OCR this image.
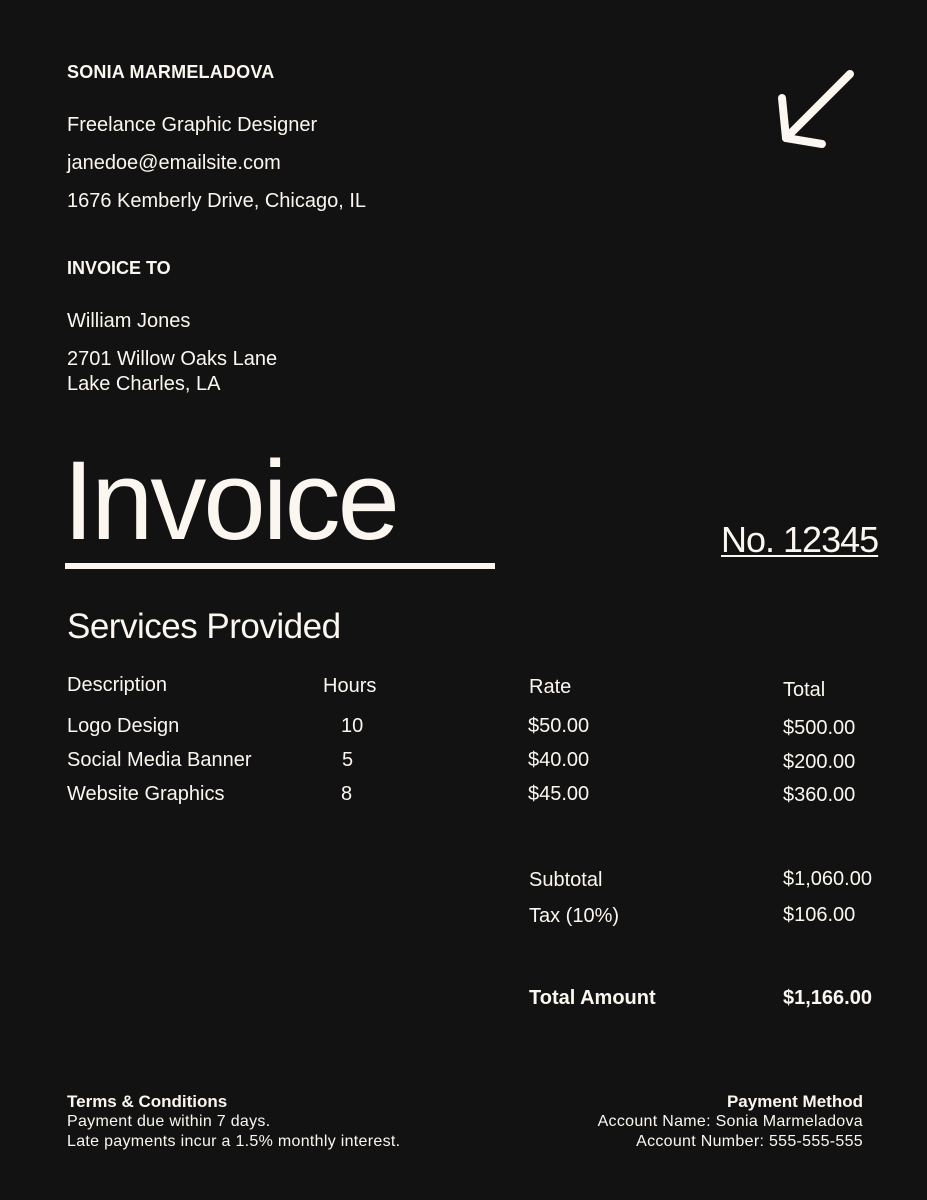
SONIA MARMELADOVA
Freelance Graphic Designer
janedoe@emailsite.com
1676 Kemberly Drive, Chicago, IL
INVOICE TO
William Jones
2701 Willow Oaks Lane
Lake Charles, LA
Invoice	No. 12345
Services Provided
Description	Hours	Rate	Total
Logo Design	10	$50.00	$500.00
Social Media Banner	5	$40.00	$200.00
Website Graphics	8	$45.00	$360.00
Subtotal	$1,060.00
Tax (10%)	$106.00
Total Amount	$1,166.00
Terms & Conditions
Payment due within 7 days.
Late payments incur a 1.5% monthly interest.
Payment Method
Account Name: Sonia Marmeladova
Account Number: 555-555-555
